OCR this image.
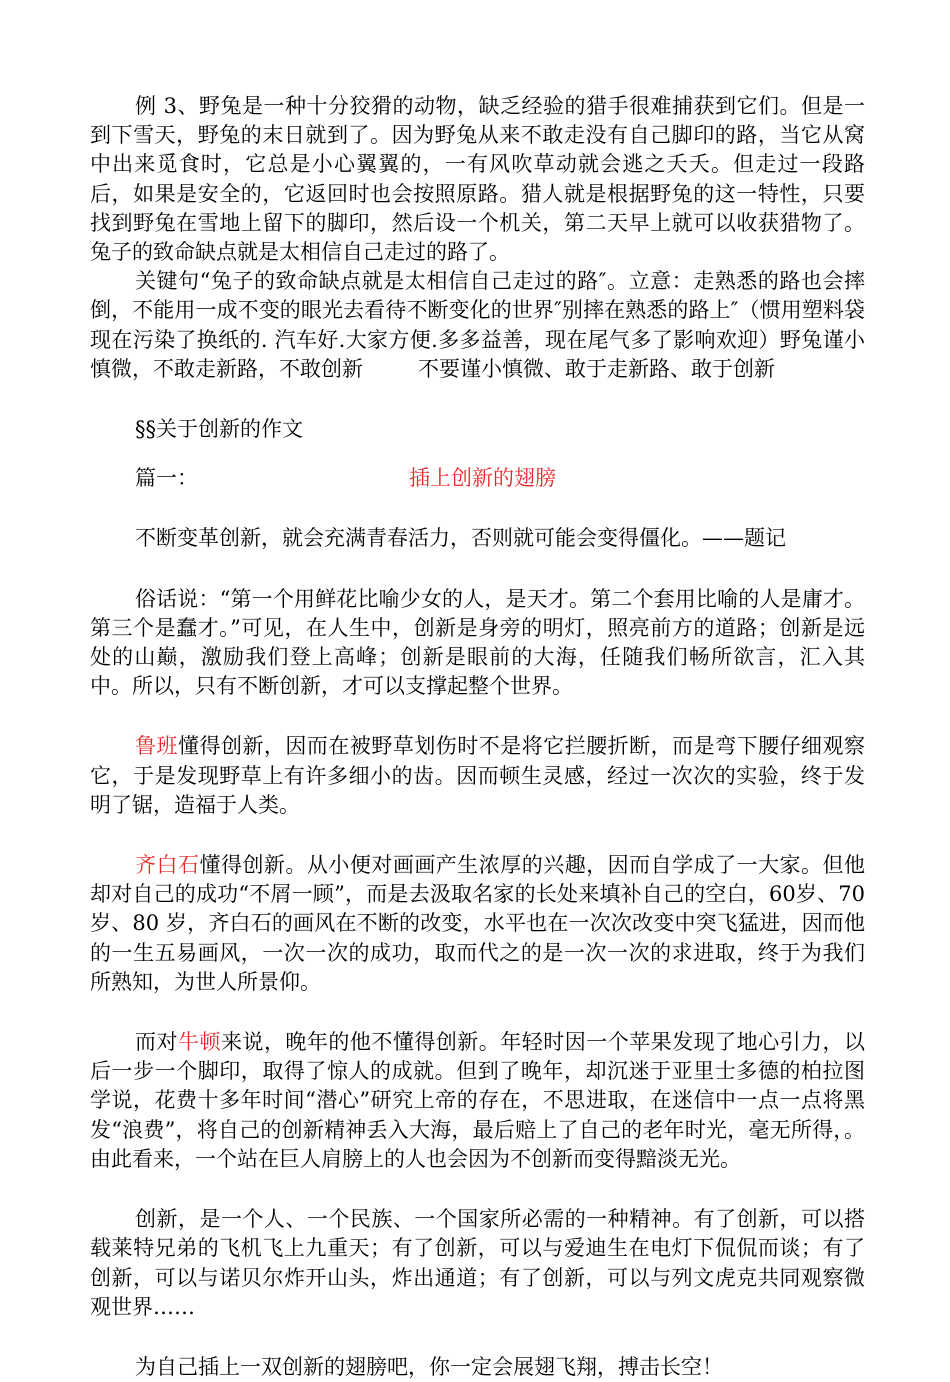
例 3、野兔是一种十分狡猾的动物，缺乏经验的猎手很难捕获到它们。但是一到下雪天，野兔的末日就到了。因为野兔从来不敢走没有自己脚印的路，当它从窝中出来觅食时，它总是小心翼翼的，一有风吹草动就会逃之夭夭。但走过一段路后，如果是安全的，它返回时也会按照原路。猎人就是根据野兔的这一特性，只要找到野兔在雪地上留下的脚印，然后设一个机关，第二天早上就可以收获猎物了。兔子的致命缺点就是太相信自己走过的路了。

关键句“兔子的致命缺点就是太相信自己走过的路″。立意：走熟悉的路也会摔倒，不能用一成不变的眼光去看待不断变化的世界″别摔在熟悉的路上″（惯用塑料袋现在污染了换纸的. 汽车好.大家方便.多多益善，现在尾气多了影响欢迎）野兔谨小慎微，不敢走新路，不敢创新	不要谨小慎微、敢于走新路、敢于创新

§§关于创新的作文

篇一：	插上创新的翅膀

不断变革创新，就会充满青春活力，否则就可能会变得僵化。——题记

俗话说：“第一个用鲜花比喻少女的人，是天才。第二个套用比喻的人是庸才。第三个是蠢才。”可见，在人生中，创新是身旁的明灯，照亮前方的道路；创新是远处的山巅，激励我们登上高峰；创新是眼前的大海，任随我们畅所欲言，汇入其中。所以，只有不断创新，才可以支撑起整个世界。

鲁班懂得创新，因而在被野草划伤时不是将它拦腰折断，而是弯下腰仔细观察它，于是发现野草上有许多细小的齿。因而顿生灵感，经过一次次的实验，终于发明了锯，造福于人类。

齐白石懂得创新。从小便对画画产生浓厚的兴趣，因而自学成了一大家。但他却对自己的成功“不屑一顾”，而是去汲取名家的长处来填补自己的空白，60岁、70 岁、80 岁，齐白石的画风在不断的改变，水平也在一次次改变中突飞猛进，因而他的一生五易画风，一次一次的成功，取而代之的是一次一次的求进取，终于为我们所熟知，为世人所景仰。

而对牛顿来说，晚年的他不懂得创新。年轻时因一个苹果发现了地心引力，以后一步一个脚印，取得了惊人的成就。但到了晚年，却沉迷于亚里士多德的柏拉图学说，花费十多年时间“潜心”研究上帝的存在，不思进取，在迷信中一点一点将黑发“浪费”，将自己的创新精神丢入大海，最后赔上了自己的老年时光，毫无所得，。由此看来，一个站在巨人肩膀上的人也会因为不创新而变得黯淡无光。

创新，是一个人、一个民族、一个国家所必需的一种精神。有了创新，可以搭载莱特兄弟的飞机飞上九重天；有了创新，可以与爱迪生在电灯下侃侃而谈；有了创新，可以与诺贝尔炸开山头，炸出通道；有了创新，可以与列文虎克共同观察微观世界……

为自己插上一双创新的翅膀吧，你一定会展翅飞翔，搏击长空！
